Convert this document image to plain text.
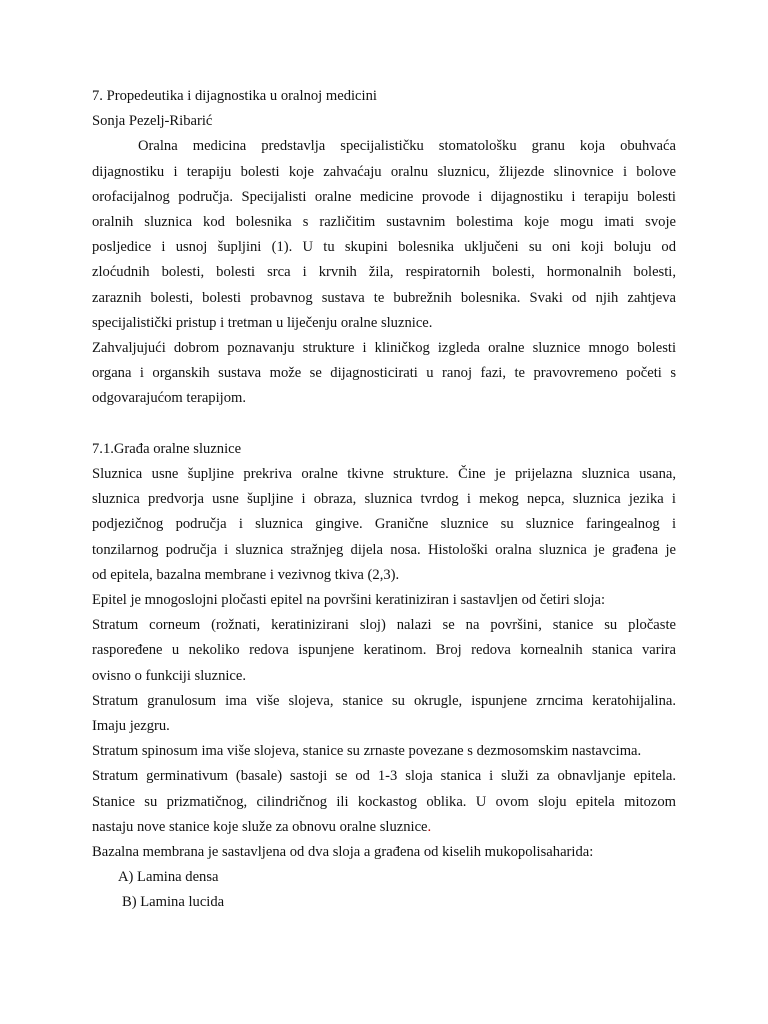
7. Propedeutika i dijagnostika u oralnoj medicini
Sonja Pezelj-Ribarić
Oralna medicina predstavlja specijalističku stomatološku granu koja obuhvaća
dijagnostiku i terapiju bolesti koje zahvaćaju oralnu sluznicu, žlijezde slinovnice i bolove
orofacijalnog područja. Specijalisti oralne medicine provode i dijagnostiku i terapiju bolesti
oralnih sluznica kod bolesnika s različitim sustavnim bolestima koje mogu imati svoje
posljedice i usnoj šupljini (1). U tu skupini bolesnika uključeni su oni koji boluju od
zloćudnih bolesti, bolesti srca i krvnih žila, respiratornih bolesti, hormonalnih bolesti,
zaraznih bolesti, bolesti probavnog sustava te bubrežnih bolesnika. Svaki od njih zahtjeva
specijalistički pristup i tretman u liječenju oralne sluznice.
Zahvaljujući dobrom poznavanju strukture i kliničkog izgleda oralne sluznice mnogo bolesti
organa i organskih sustava može se dijagnosticirati u ranoj fazi, te pravovremeno početi s
odgovarajućom terapijom.
7.1.Građa oralne sluznice
Sluznica usne šupljine prekriva oralne tkivne strukture. Čine je prijelazna sluznica usana,
sluznica predvorja usne šupljine i obraza, sluznica tvrdog i mekog nepca, sluznica jezika i
podjezičnog područja i sluznica gingive. Granične sluznice su sluznice faringealnog i
tonzilarnog područja i sluznica stražnjeg dijela nosa. Histološki oralna sluznica je građena je
od epitela, bazalna membrane i vezivnog tkiva (2,3).
Epitel je mnogoslojni pločasti epitel na površini keratiniziran i sastavljen od četiri sloja:
Stratum corneum (rožnati, keratinizirani sloj) nalazi se na površini, stanice su pločaste
raspoređene u nekoliko redova ispunjene keratinom. Broj redova kornealnih stanica varira
ovisno o funkciji sluznice.
Stratum granulosum ima više slojeva, stanice su okrugle, ispunjene zrncima keratohijalina.
Imaju jezgru.
Stratum spinosum ima više slojeva, stanice su zrnaste povezane s dezmosomskim nastavcima.
Stratum germinativum (basale) sastoji se od 1-3 sloja stanica i služi za obnavljanje epitela.
Stanice su prizmatičnog, cilindričnog ili kockastog oblika. U ovom sloju epitela mitozom
nastaju nove stanice koje služe za obnovu oralne sluznice.
Bazalna membrana je sastavljena od dva sloja a građena od kiselih mukopolisaharida:
A) Lamina densa
B) Lamina lucida
